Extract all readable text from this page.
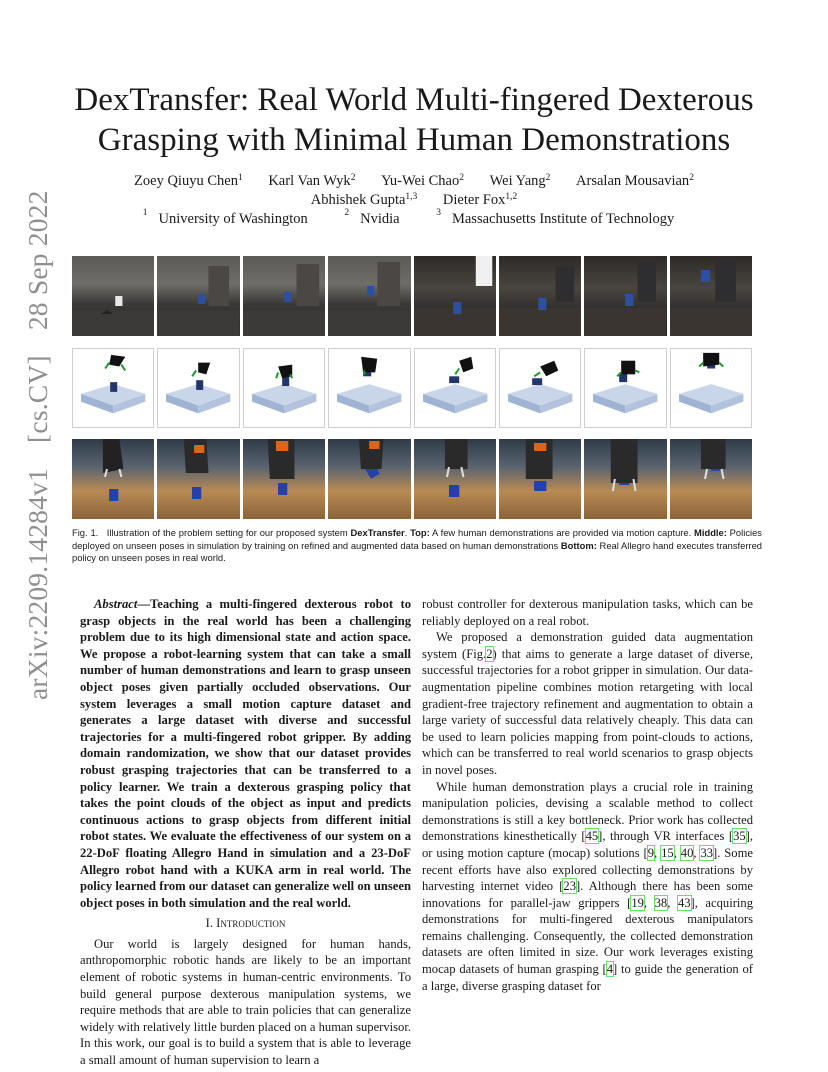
arXiv:2209.14284v1 [cs.CV] 28 Sep 2022
DexTransfer: Real World Multi-fingered Dexterous Grasping with Minimal Human Demonstrations
Zoey Qiuyu Chen$^1$ Karl Van Wyk$^2$ Yu-Wei Chao$^2$ Wei Yang$^2$ Arsalan Mousavian$^2$
Abhishek Gupta$^{1,3}$ Dieter Fox$^{1,2}$
$^1$ University of Washington	$^2$ Nvidia	$^3$ Massachusetts Institute of Technology
Fig. 1. Illustration of the problem setting for our proposed system DexTransfer. Top: A few human demonstrations are provided via motion capture. Middle: Policies deployed on unseen poses in simulation by training on refined and augmented data based on human demonstrations Bottom: Real Allegro hand executes transferred policy on unseen poses in real world.

Abstract—Teaching a multi-fingered dexterous robot to grasp objects in the real world has been a challenging problem due to its high dimensional state and action space. We propose a robot-learning system that can take a small number of human demonstrations and learn to grasp unseen object poses given partially occluded observations. Our system leverages a small motion capture dataset and generates a large dataset with diverse and successful trajectories for a multi-fingered robot gripper. By adding domain randomization, we show that our dataset provides robust grasping trajectories that can be transferred to a policy learner. We train a dexterous grasping policy that takes the point clouds of the object as input and predicts continuous actions to grasp objects from different initial robot states. We evaluate the effectiveness of our system on a 22-DoF floating Allegro Hand in simulation and a 23-DoF Allegro robot hand with a KUKA arm in real world. The policy learned from our dataset can generalize well on unseen object poses in both simulation and the real world.

I. Introduction

Our world is largely designed for human hands, anthropomorphic robotic hands are likely to be an important element of robotic systems in human-centric environments. To build general purpose dexterous manipulation systems, we require methods that are able to train policies that can generalize widely with relatively little burden placed on a human supervisor. In this work, our goal is to build a system that is able to leverage a small amount of human supervision to learn a

robust controller for dexterous manipulation tasks, which can be reliably deployed on a real robot.

We proposed a demonstration guided data augmentation system (Fig.2) that aims to generate a large dataset of diverse, successful trajectories for a robot gripper in simulation. Our data-augmentation pipeline combines motion retargeting with local gradient-free trajectory refinement and augmentation to obtain a large variety of successful data relatively cheaply. This data can be used to learn policies mapping from point-clouds to actions, which can be transferred to real world scenarios to grasp objects in novel poses.

While human demonstration plays a crucial role in training manipulation policies, devising a scalable method to collect demonstrations is still a key bottleneck. Prior work has collected demonstrations kinesthetically [45], through VR interfaces [35], or using motion capture (mocap) solutions [9, 15, 40, 33]. Some recent efforts have also explored collecting demonstrations by harvesting internet video [23]. Although there has been some innovations for parallel-jaw grippers [19, 38, 43], acquiring demonstrations for multi-fingered dexterous manipulators remains challenging. Consequently, the collected demonstration datasets are often limited in size. Our work leverages existing mocap datasets of human grasping [4] to guide the generation of a large, diverse grasping dataset for
